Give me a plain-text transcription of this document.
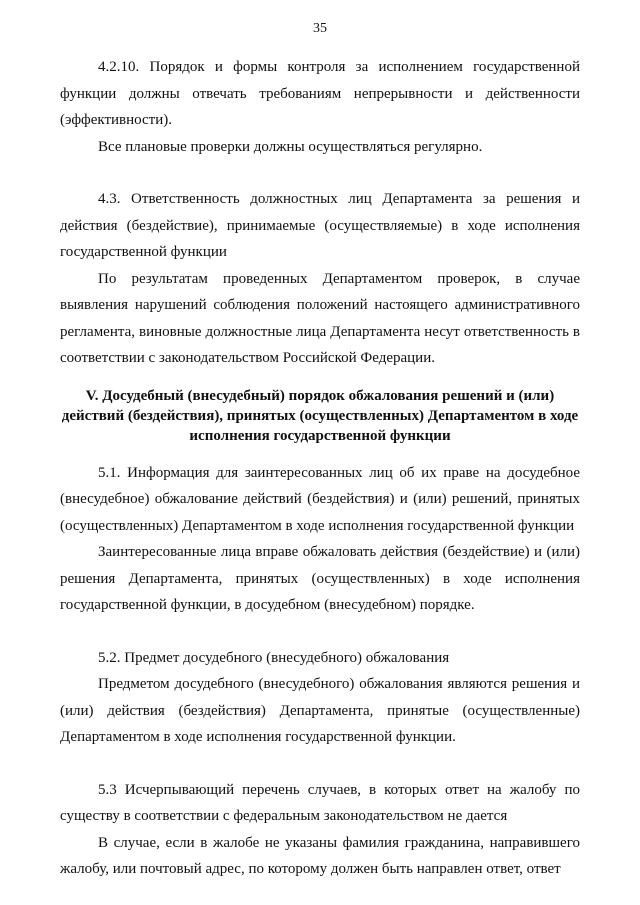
35

4.2.10. Порядок и формы контроля за исполнением государственной функции должны отвечать требованиям непрерывности и действенности (эффективности).

Все плановые проверки должны осуществляться регулярно.

4.3. Ответственность должностных лиц Департамента за решения и действия (бездействие), принимаемые (осуществляемые) в ходе исполнения государственной функции

По результатам проведенных Департаментом проверок, в случае выявления нарушений соблюдения положений настоящего административного регламента, виновные должностные лица Департамента несут ответственность в соответствии с законодательством Российской Федерации.

V. Досудебный (внесудебный) порядок обжалования решений и (или) действий (бездействия), принятых (осуществленных) Департаментом в ходе исполнения государственной функции

5.1. Информация для заинтересованных лиц об их праве на досудебное (внесудебное) обжалование действий (бездействия) и (или) решений, принятых (осуществленных) Департаментом в ходе исполнения государственной функции

Заинтересованные лица вправе обжаловать действия (бездействие) и (или) решения Департамента, принятых (осуществленных) в ходе исполнения государственной функции, в досудебном (внесудебном) порядке.

5.2. Предмет досудебного (внесудебного) обжалования

Предметом досудебного (внесудебного) обжалования являются решения и (или) действия (бездействия) Департамента, принятые (осуществленные) Департаментом в ходе исполнения государственной функции.

5.3 Исчерпывающий перечень случаев, в которых ответ на жалобу по существу в соответствии с федеральным законодательством не дается

В случае, если в жалобе не указаны фамилия гражданина, направившего жалобу, или почтовый адрес, по которому должен быть направлен ответ, ответ
